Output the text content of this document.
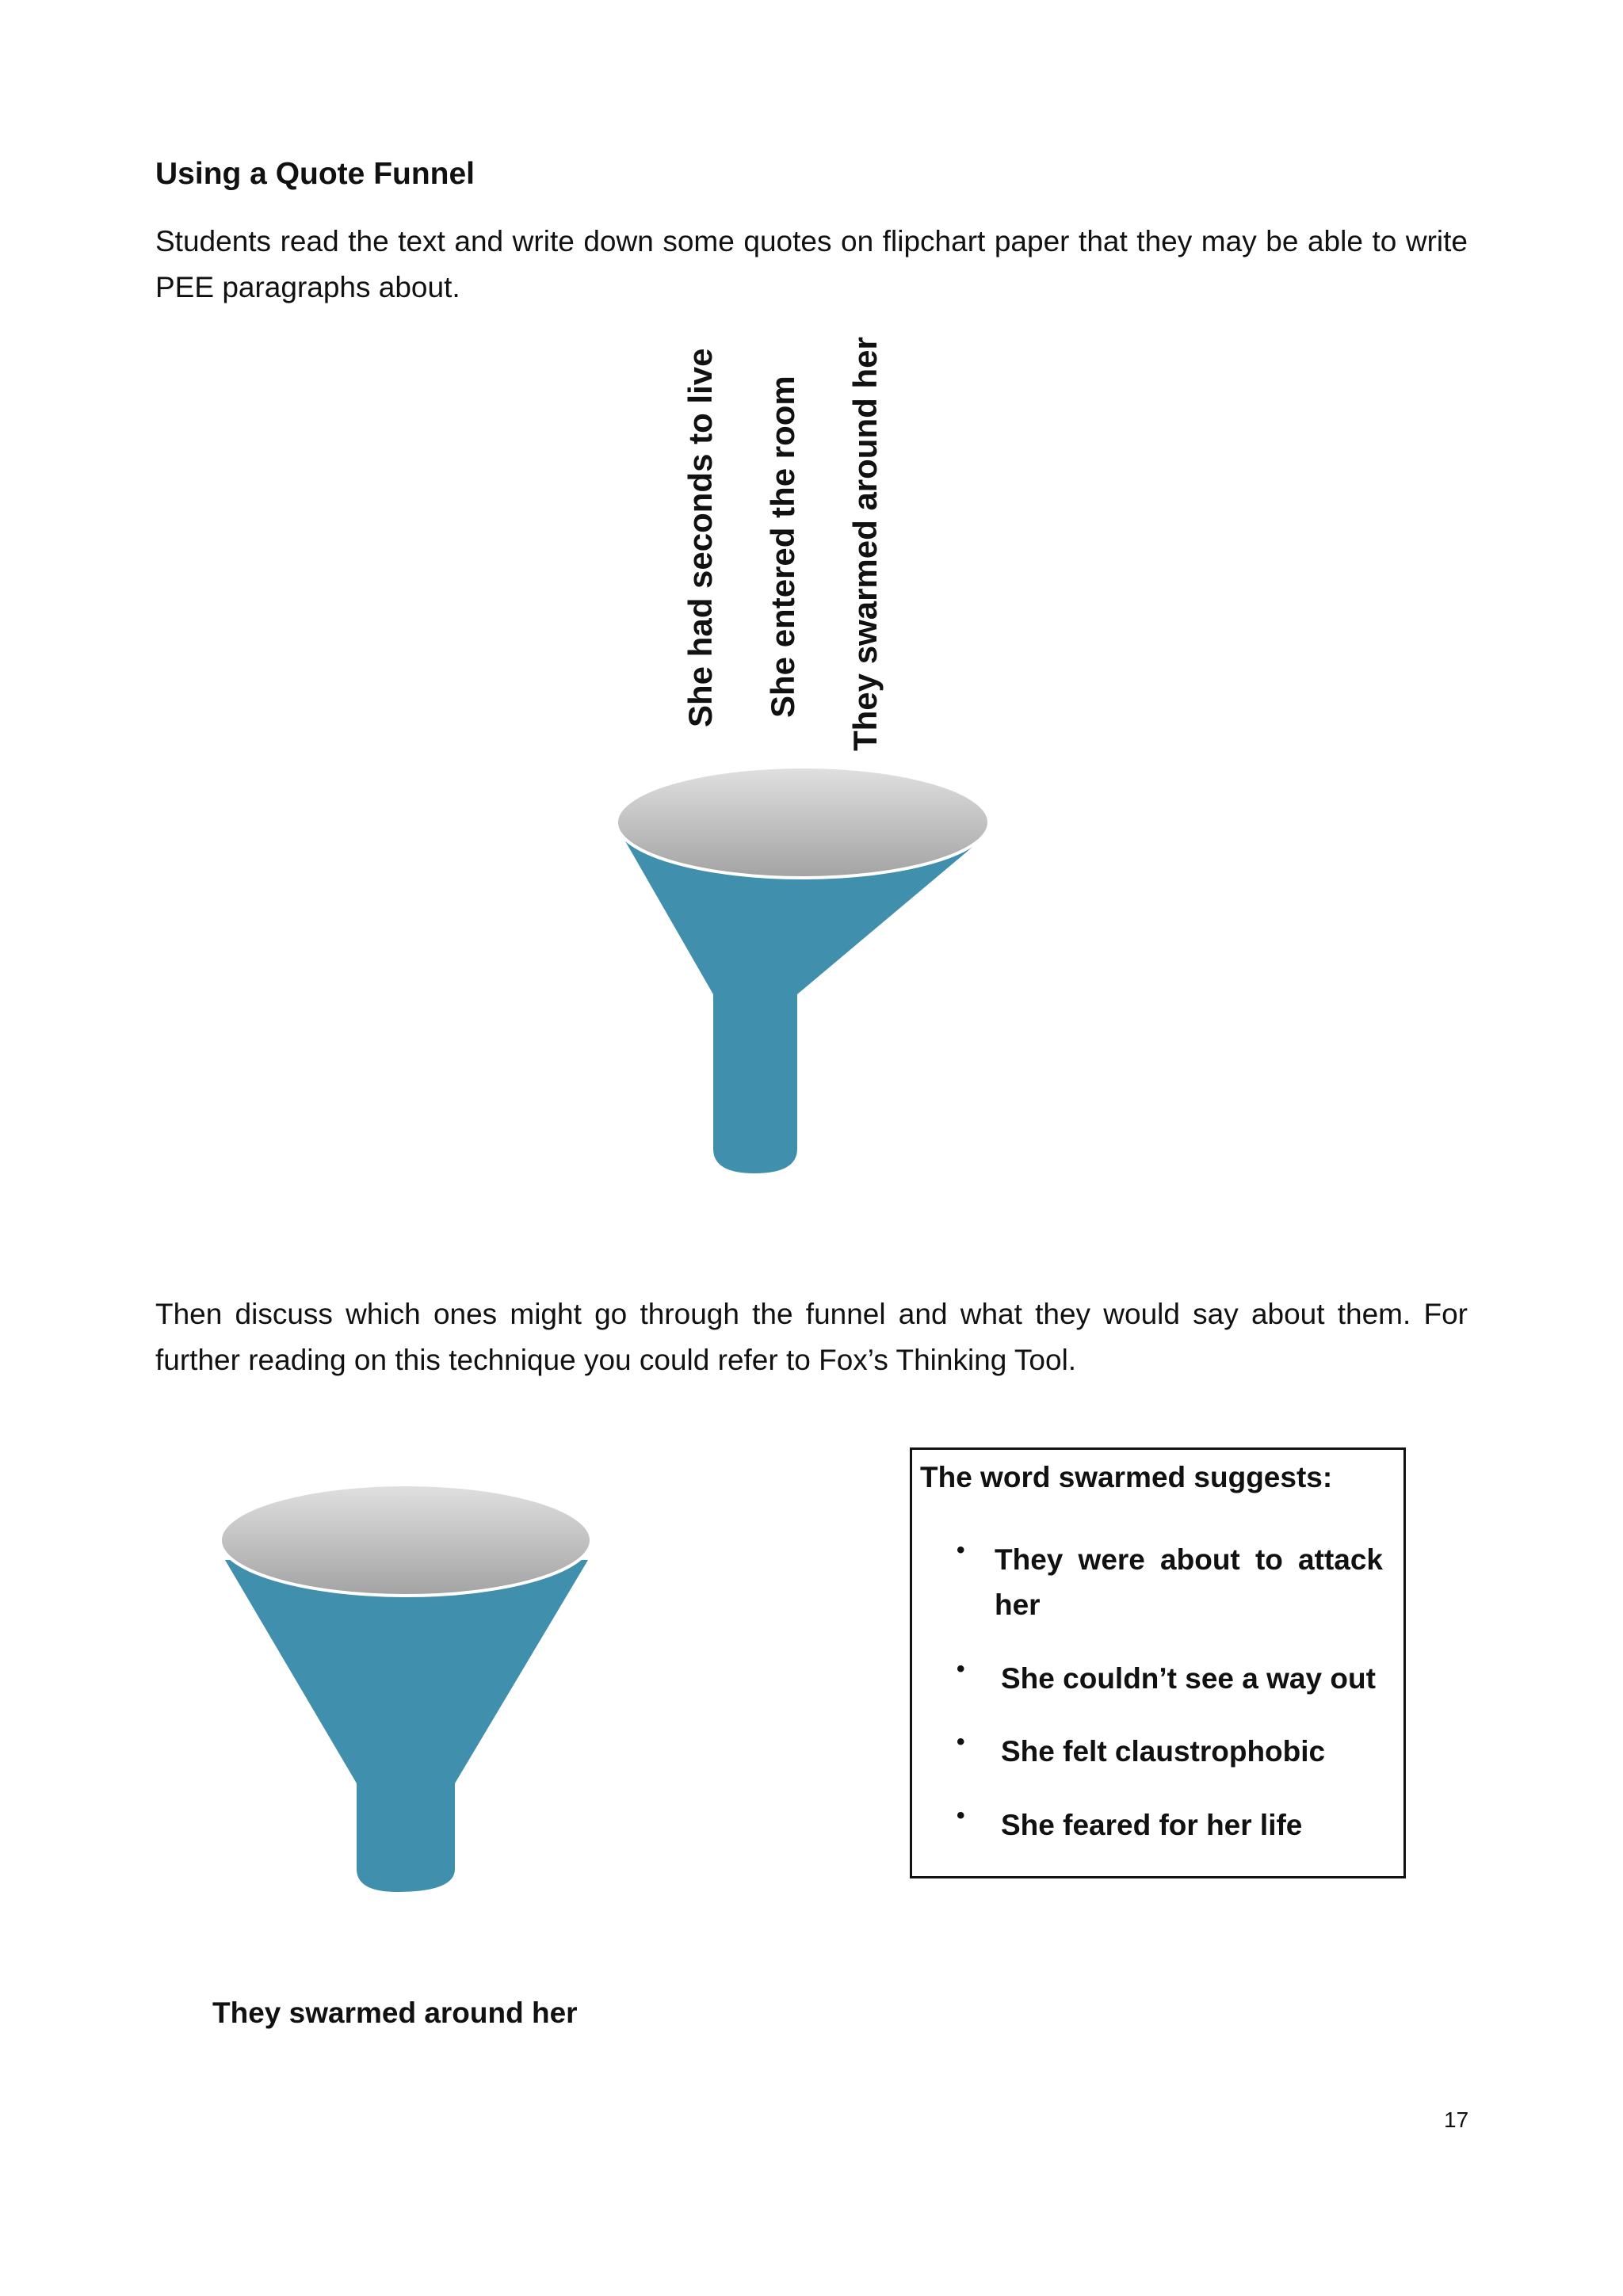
Using a Quote Funnel
Students read the text and write down some quotes on flipchart paper that they may be able to write PEE paragraphs about.
She had seconds to live She entered the room They swarmed around her
Then discuss which ones might go through the funnel and what they would say about them. For further reading on this technique you could refer to Fox’s Thinking Tool.
The word swarmed suggests:
• They were about to attack her
• She couldn’t see a way out
• She felt claustrophobic
• She feared for her life
They swarmed around her
17
